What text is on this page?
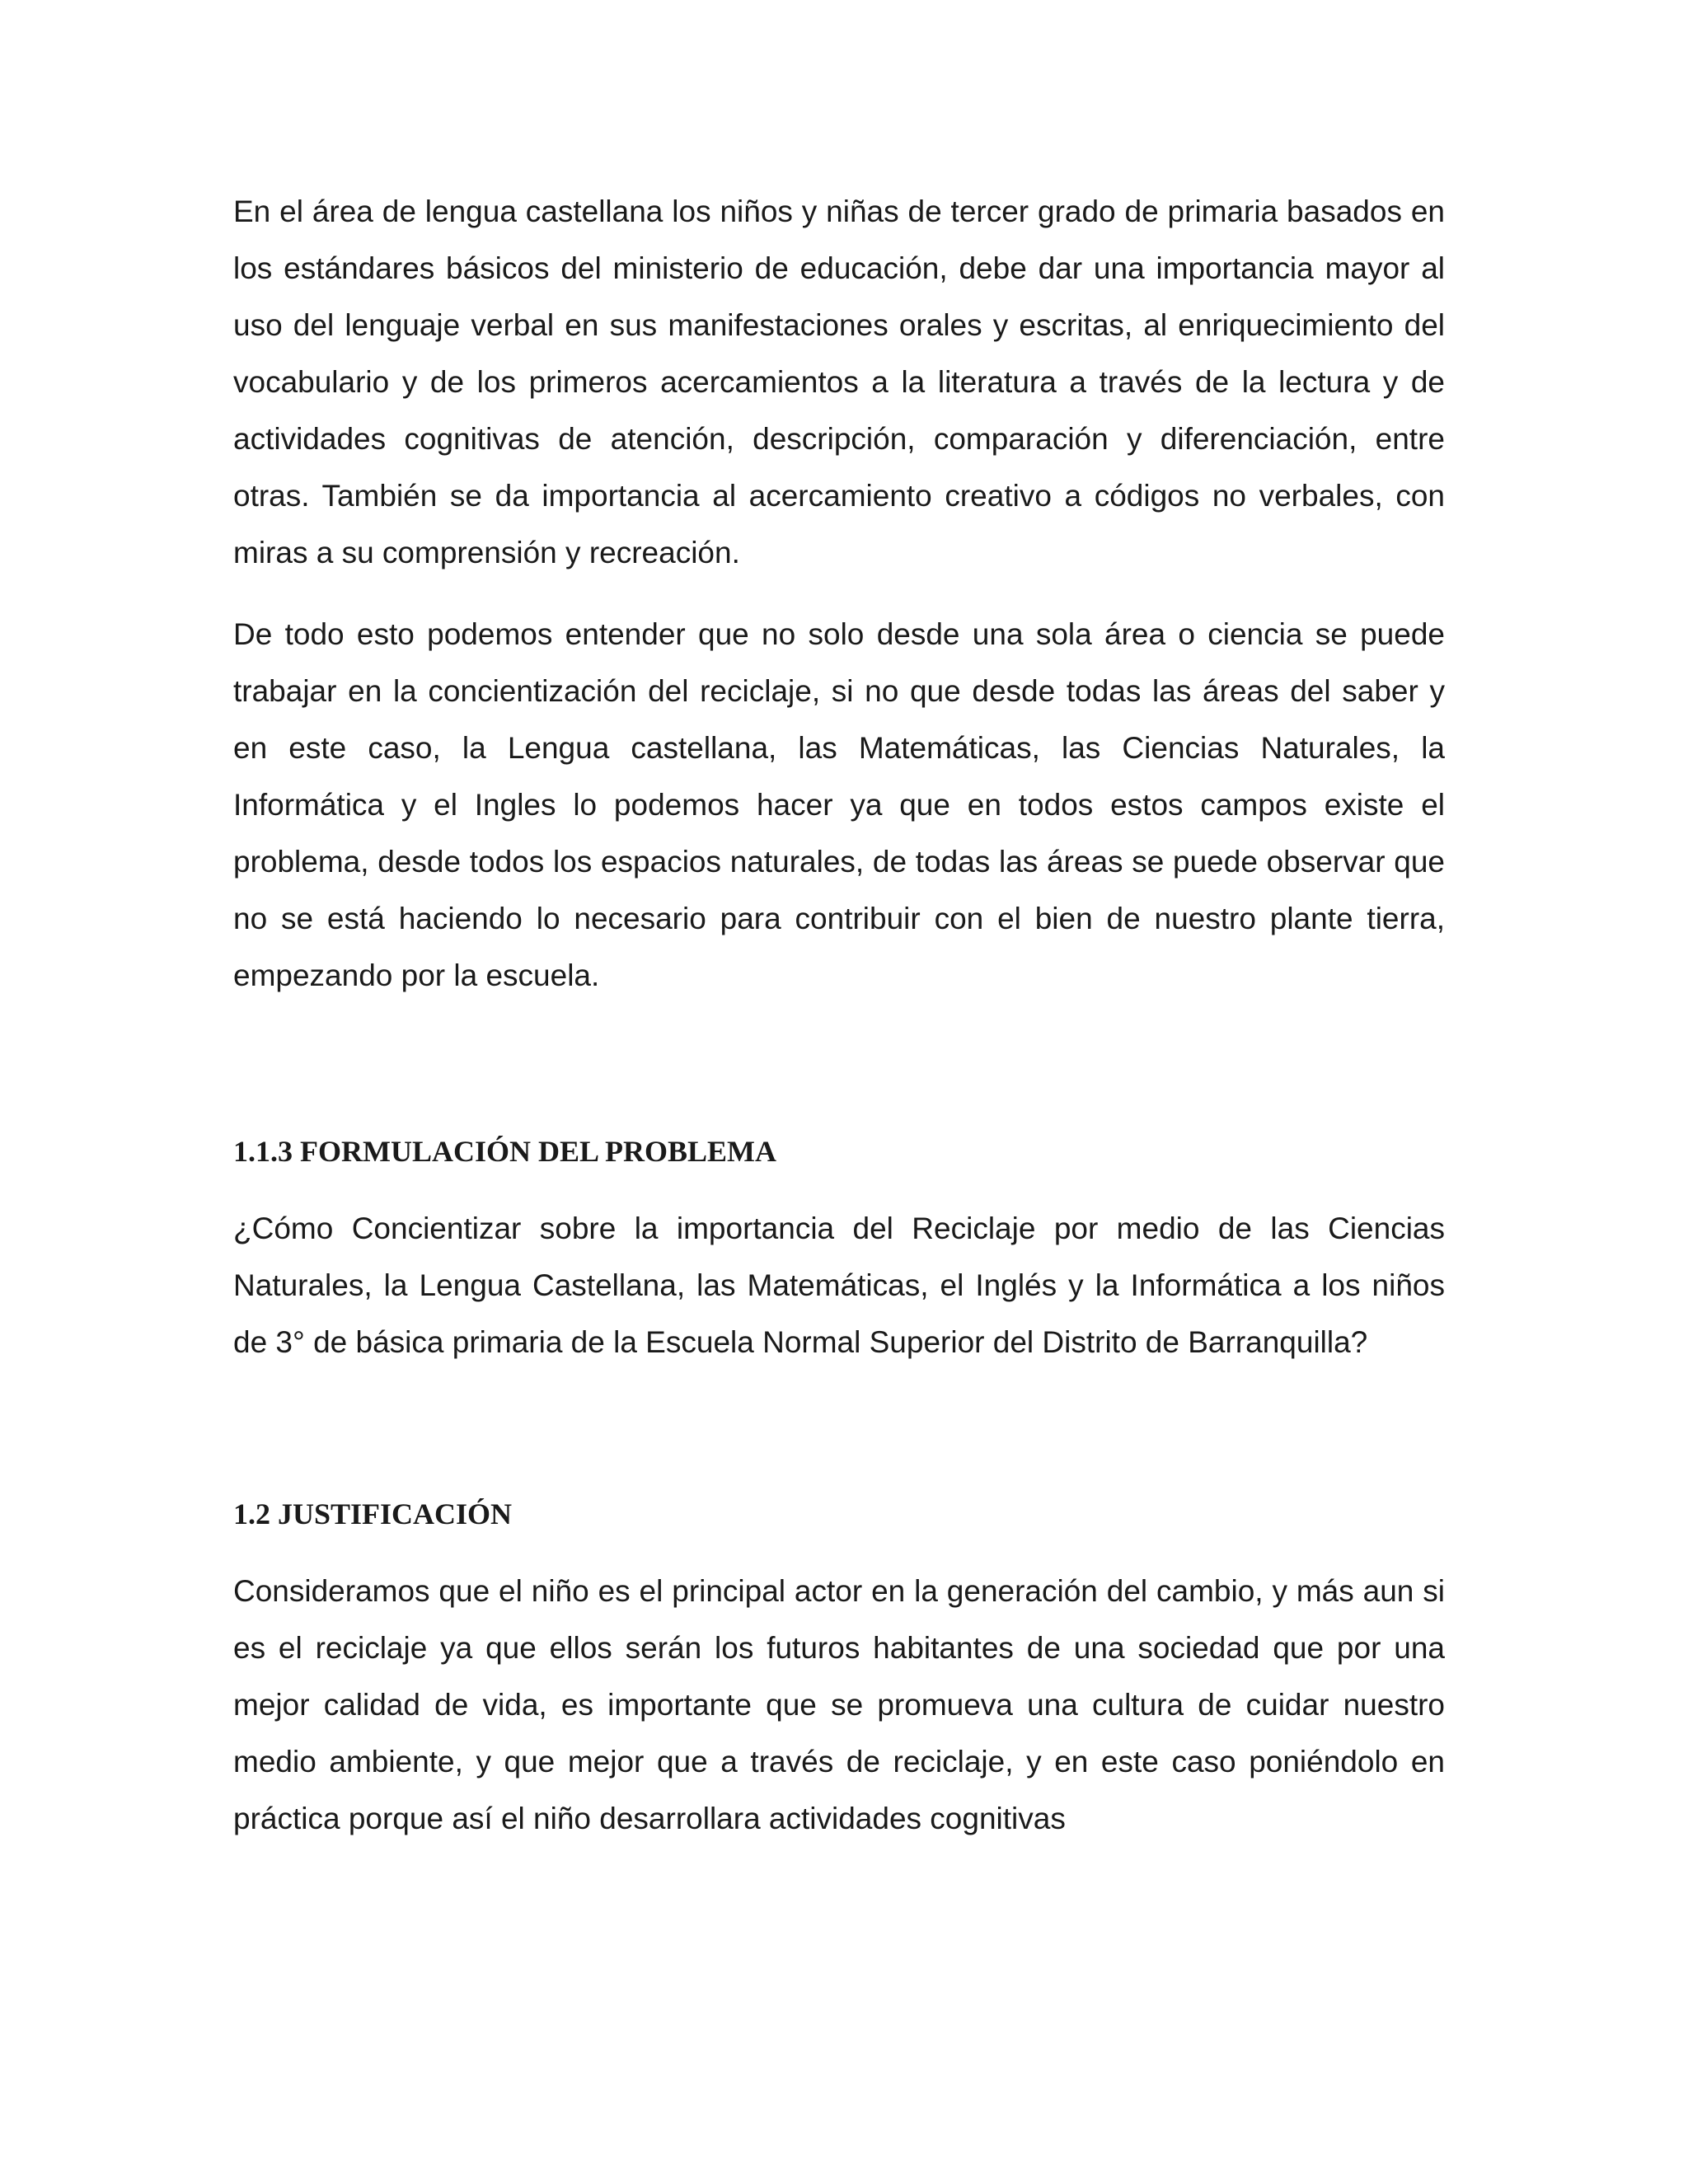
En el área de lengua castellana los niños y niñas de tercer grado de primaria basados en los estándares básicos del ministerio de educación, debe dar una importancia mayor al uso del lenguaje verbal en sus manifestaciones orales y escritas, al enriquecimiento del vocabulario y de los primeros acercamientos a la literatura a través de la lectura y de actividades cognitivas de atención, descripción, comparación y diferenciación, entre otras. También se da importancia al acercamiento creativo a códigos no verbales, con miras a su comprensión y recreación.

De todo esto podemos entender que no solo desde una sola área o ciencia se puede trabajar en la concientización del reciclaje, si no que desde todas las áreas del saber y en este caso, la Lengua castellana, las Matemáticas, las Ciencias Naturales, la Informática y el Ingles lo podemos hacer ya que en todos estos campos existe el problema, desde todos los espacios naturales, de todas las áreas se puede observar que no se está haciendo lo necesario para contribuir con el bien de nuestro plante tierra, empezando por la escuela.

1.1.3 FORMULACIÓN DEL PROBLEMA

¿Cómo Concientizar sobre la importancia del Reciclaje por medio de las Ciencias Naturales, la Lengua Castellana, las Matemáticas, el Inglés y la Informática a los niños de 3° de básica primaria de la Escuela Normal Superior del Distrito de Barranquilla?

1.2 JUSTIFICACIÓN

Consideramos que el niño es el principal actor en la generación del cambio, y más aun si es el reciclaje ya que ellos serán los futuros habitantes de una sociedad que por una mejor calidad de vida, es importante que se promueva una cultura de cuidar nuestro medio ambiente, y que mejor que a través de reciclaje, y en este caso poniéndolo en práctica porque así el niño desarrollara actividades cognitivas
